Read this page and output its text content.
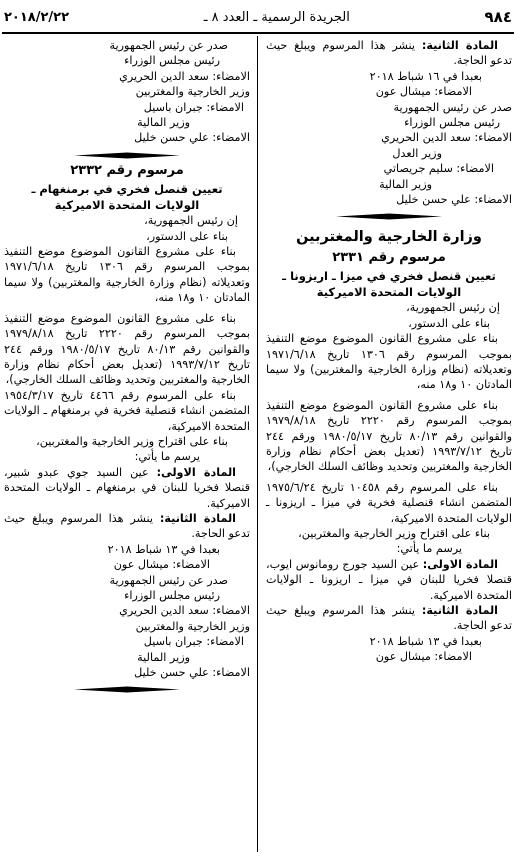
٩٨٤
الجريدة الرسمية ـ العدد ٨ ـ
٢٠١٨/٢/٢٢

المادة الثانية: ينشر هذا المرسوم ويبلغ حيث تدعو الحاجة.

بعبدا في ١٦ شباط ٢٠١٨

الامضاء: ميشال عون

صدر عن رئيس الجمهورية

رئيس مجلس الوزراء

الامضاء: سعد الدين الحريري

وزير العدل

الامضاء: سليم جريصاتي

وزير المالية

الامضاء: علي حسن خليل

وزارة الخارجية والمغتربين
مرسوم رقم ٢٣٣١

تعيين قنصل فخري في ميزا ـ اريزونا ـ

الولايات المتحدة الاميركية

إن رئيس الجمهورية،

بناء على الدستور،

بناء على مشروع القانون الموضوع موضع التنفيذ بموجب المرسوم رقم ١٣٠٦ تاريخ ١٩٧١/٦/١٨ وتعديلاته (نظام وزارة الخارجية والمغتربين) ولا سيما المادتان ١٠ و١٨ منه،

بناء على مشروع القانون الموضوع موضع التنفيذ بموجب المرسوم رقم ٢٢٢٠ تاريخ ١٩٧٩/٨/١٨ والقوانين رقم ٨٠/١٣ تاريخ ١٩٨٠/٥/١٧ ورقم ٢٤٤ تاريخ ١٩٩٣/٧/١٢ (تعديل بعض أحكام نظام وزارة الخارجية والمغتربين وتحديد وظائف السلك الخارجي)،

بناء على المرسوم رقم ١٠٤٥٨ تاريخ ١٩٧٥/٦/٢٤ المتضمن انشاء قنصلية فخرية في ميزا ـ اريزونا ـ الولايات المتحدة الاميركية،

بناء على اقتراح وزير الخارجية والمغتربين،

يرسم ما يأتي:

المادة الاولى: عين السيد جورج رومانوس ايوب، قنصلا فخريا للبنان في ميزا ـ اريزونا ـ الولايات المتحدة الاميركية.

المادة الثانية: ينشر هذا المرسوم ويبلغ حيث تدعو الحاجة.

بعبدا في ١٣ شباط ٢٠١٨

الامضاء: ميشال عون

صدر عن رئيس الجمهورية

رئيس مجلس الوزراء

الامضاء: سعد الدين الحريري

وزير الخارجية والمغتربين

الامضاء: جبران باسيل

وزير المالية

الامضاء: علي حسن خليل

مرسوم رقم ٢٣٣٢

تعيين قنصل فخري في برمنغهام ـ

الولايات المتحدة الاميركية

إن رئيس الجمهورية،

بناء على الدستور،

بناء على مشروع القانون الموضوع موضع التنفيذ بموجب المرسوم رقم ١٣٠٦ تاريخ ١٩٧١/٦/١٨ وتعديلاته (نظام وزارة الخارجية والمغتربين) ولا سيما المادتان ١٠ و١٨ منه،

بناء على مشروع القانون الموضوع موضع التنفيذ بموجب المرسوم رقم ٢٢٢٠ تاريخ ١٩٧٩/٨/١٨ والقوانين رقم ٨٠/١٣ تاريخ ١٩٨٠/٥/١٧ ورقم ٢٤٤ تاريخ ١٩٩٣/٧/١٢ (تعديل بعض أحكام نظام وزارة الخارجية والمغتربين وتحديد وظائف السلك الخارجي)،

بناء على المرسوم رقم ٤٤٦٦ تاريخ ١٩٥٤/٣/١٧ المتضمن انشاء قنصلية فخرية في برمنغهام ـ الولايات المتحدة الاميركية،

بناء على اقتراح وزير الخارجية والمغتربين،

يرسم ما يأتي:

المادة الاولى: عين السيد جوي عبدو شبير، قنصلا فخريا للبنان في برمنغهام ـ الولايات المتحدة الاميركية.

المادة الثانية: ينشر هذا المرسوم ويبلغ حيث تدعو الحاجة.

بعبدا في ١٣ شباط ٢٠١٨

الامضاء: ميشال عون

صدر عن رئيس الجمهورية

رئيس مجلس الوزراء

الامضاء: سعد الدين الحريري

وزير الخارجية والمغتربين

الامضاء: جبران باسيل

وزير المالية

الامضاء: علي حسن خليل
